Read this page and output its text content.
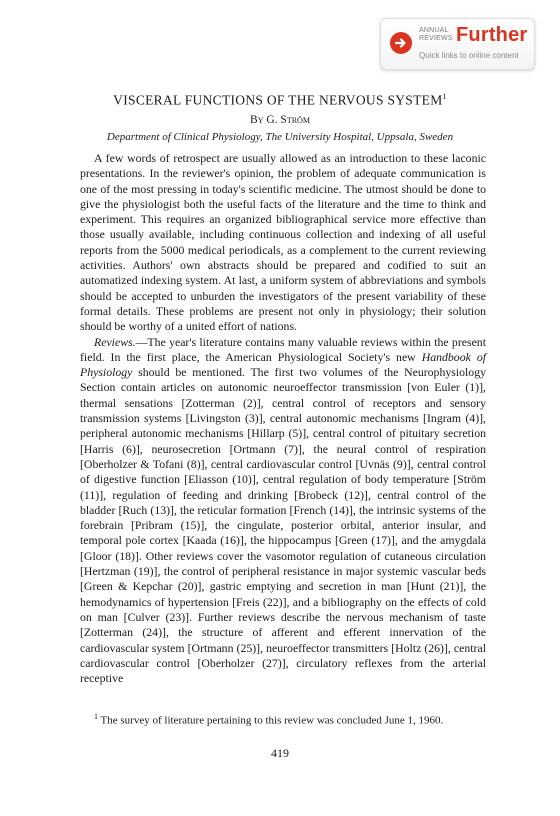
ANNUAL
REVIEWS Further
Quick links to online content
VISCERAL FUNCTIONS OF THE NERVOUS SYSTEM$^1$
By G. Ström
Department of Clinical Physiology, The University Hospital, Uppsala, Sweden

A few words of retrospect are usually allowed as an introduction to these laconic presentations. In the reviewer's opinion, the problem of adequate communication is one of the most pressing in today's scientific medicine. The utmost should be done to give the physiologist both the useful facts of the literature and the time to think and experiment. This requires an organized bibliographical service more effective than those usually available, including continuous collection and indexing of all useful reports from the 5000 medical periodicals, as a complement to the current reviewing activities. Authors' own abstracts should be prepared and codified to suit an automatized indexing system. At last, a uniform system of abbreviations and symbols should be accepted to unburden the investigators of the present variability of these formal details. These problems are present not only in physiology; their solution should be worthy of a united effort of nations.

Reviews.—The year's literature contains many valuable reviews within the present field. In the first place, the American Physiological Society's new Handbook of Physiology should be mentioned. The first two volumes of the Neurophysiology Section contain articles on autonomic neuroeffector transmission [von Euler (1)], thermal sensations [Zotterman (2)], central control of receptors and sensory transmission systems [Livingston (3)], central autonomic mechanisms [Ingram (4)], peripheral autonomic mechanisms [Hillarp (5)], central control of pituitary secretion [Harris (6)], neurosecretion [Ortmann (7)], the neural control of respiration [Oberholzer & Tofani (8)], central cardiovascular control [Uvnäs (9)], central control of digestive function [Eliasson (10)], central regulation of body temperature [Ström (11)], regulation of feeding and drinking [Brobeck (12)], central control of the bladder [Ruch (13)], the reticular formation [French (14)], the intrinsic systems of the forebrain [Pribram (15)], the cingulate, posterior orbital, anterior insular, and temporal pole cortex [Kaada (16)], the hippocampus [Green (17)], and the amygdala [Gloor (18)]. Other reviews cover the vasomotor regulation of cutaneous circulation [Hertzman (19)], the control of peripheral resistance in major systemic vascular beds [Green & Kepchar (20)], gastric emptying and secretion in man [Hunt (21)], the hemodynamics of hypertension [Freis (22)], and a bibliography on the effects of cold on man [Culver (23)]. Further reviews describe the nervous mechanism of taste [Zotterman (24)], the structure of afferent and efferent innervation of the cardiovascular system [Ortmann (25)], neuroeffector transmitters [Holtz (26)], central cardiovascular control [Oberholzer (27)], circulatory reflexes from the arterial receptive

$^1$ The survey of literature pertaining to this review was concluded June 1, 1960.
419
